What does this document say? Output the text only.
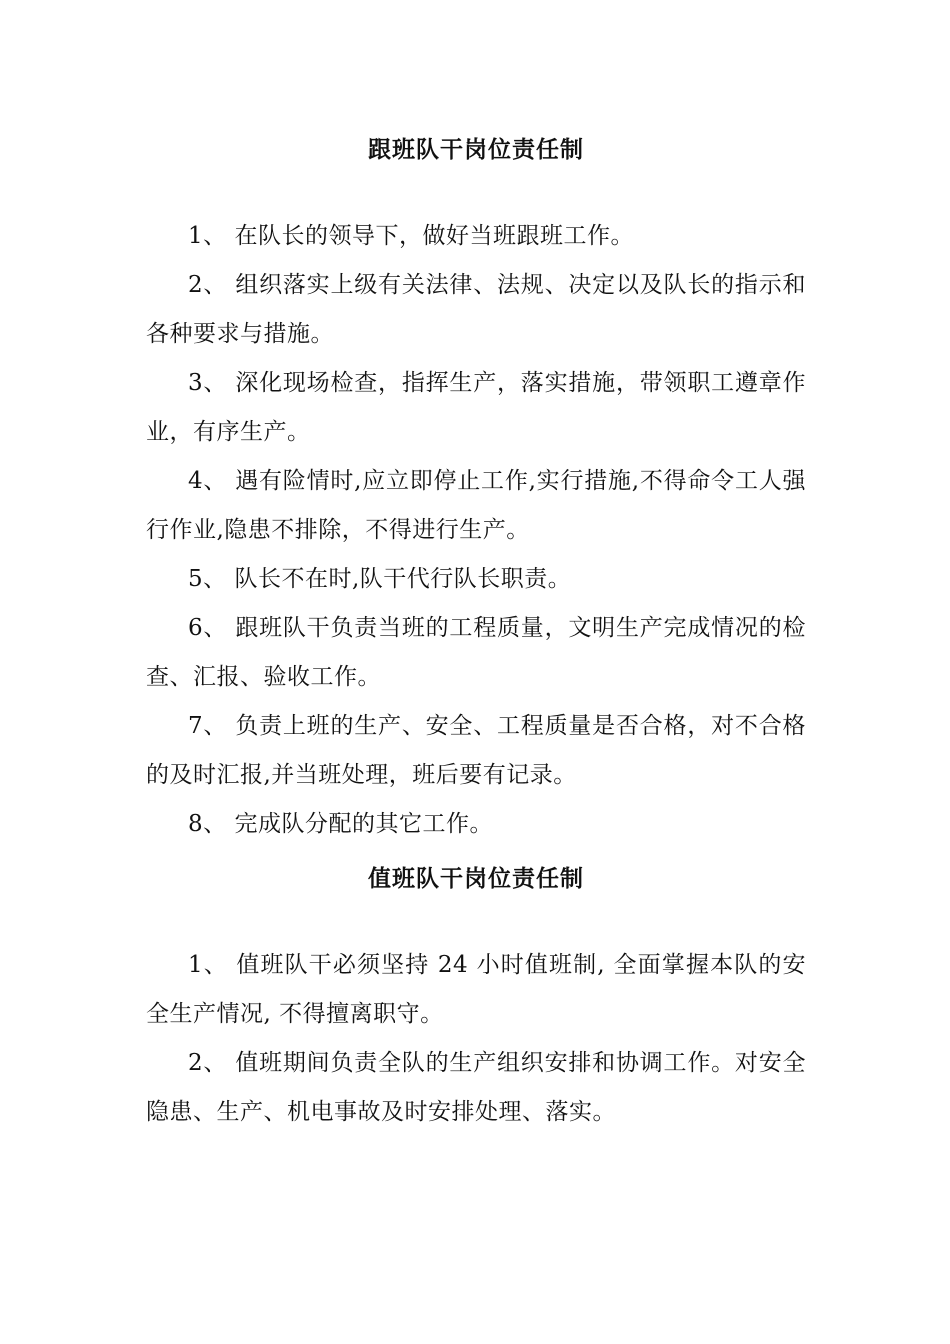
跟班队干岗位责任制
1、 在队长的领导下，做好当班跟班工作。
2、 组织落实上级有关法律、法规、决定以及队长的指示和各种要求与措施。
3、 深化现场检查，指挥生产，落实措施，带领职工遵章作业，有序生产。
4、 遇有险情时,应立即停止工作,实行措施,不得命令工人强行作业,隐患不排除，不得进行生产。
5、 队长不在时,队干代行队长职责。
6、 跟班队干负责当班的工程质量，文明生产完成情况的检查、汇报、验收工作。
7、 负责上班的生产、安全、工程质量是否合格，对不合格的及时汇报,并当班处理，班后要有记录。
8、 完成队分配的其它工作。
值班队干岗位责任制
1、 值班队干必须坚持 24 小时值班制, 全面掌握本队的安全生产情况, 不得擅离职守。
2、 值班期间负责全队的生产组织安排和协调工作。对安全隐患、生产、机电事故及时安排处理、落实。
